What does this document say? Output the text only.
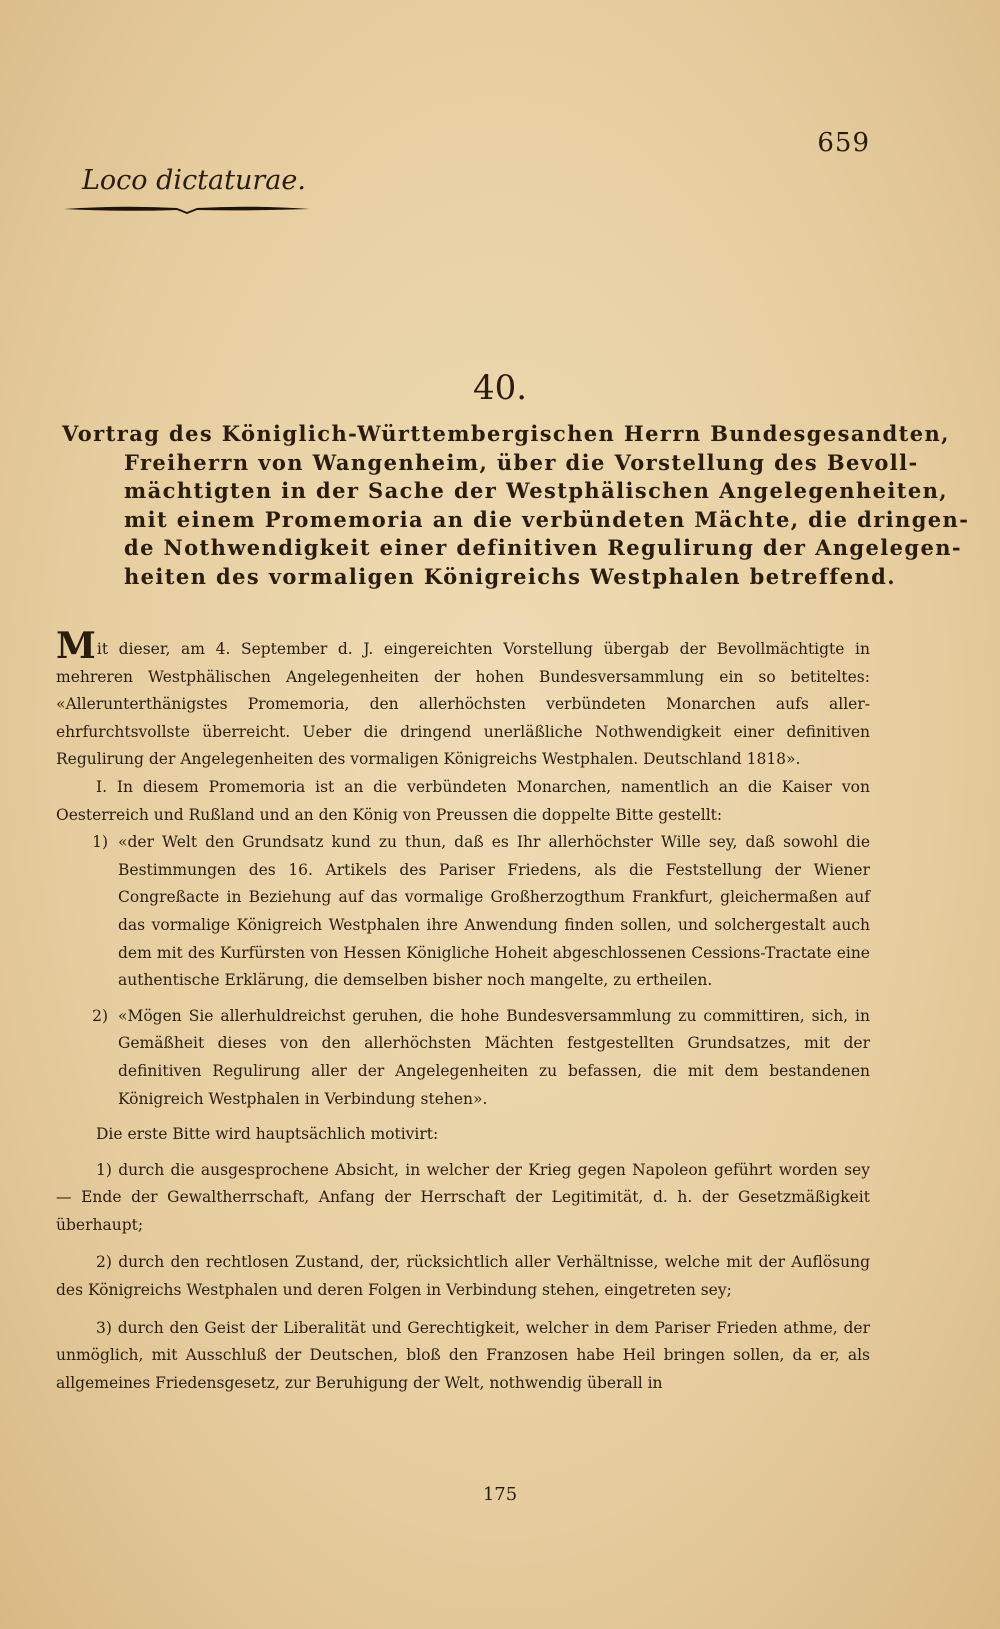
659
Loco dictaturae.
40.
Vortrag des Königlich-Württembergischen Herrn Bundesgesandten,
Freiherrn von Wangenheim, über die Vorstellung des Bevoll-
mächtigten in der Sache der Westphälischen Angelegenheiten,
mit einem Promemoria an die verbündeten Mächte, die dringen-
de Nothwendigkeit einer definitiven Regulirung der Angelegen-
heiten des vormaligen Königreichs Westphalen betreffend.

Mit dieser, am 4. September d. J. eingereichten Vorstellung übergab der Bevollmächtigte in mehreren Westphälischen Angelegenheiten der hohen Bundesversammlung ein so betiteltes: «Allerunterthänigstes Promemoria, den allerhöchsten verbündeten Monarchen aufs aller-ehrfurchtsvollste überreicht. Ueber die dringend unerläßliche Nothwendigkeit einer definitiven Regulirung der Angelegenheiten des vormaligen Königreichs Westphalen. Deutschland 1818».

I. In diesem Promemoria ist an die verbündeten Monarchen, namentlich an die Kaiser von Oesterreich und Rußland und an den König von Preussen die doppelte Bitte gestellt:

1) «der Welt den Grundsatz kund zu thun, daß es Ihr allerhöchster Wille sey, daß sowohl die Bestimmungen des 16. Artikels des Pariser Friedens, als die Feststellung der Wiener Congreßacte in Beziehung auf das vormalige Großherzogthum Frankfurt, gleichermaßen auf das vormalige Königreich Westphalen ihre Anwendung finden sollen, und solchergestalt auch dem mit des Kurfürsten von Hessen Königliche Hoheit abgeschlossenen Cessions-Tractate eine authentische Erklärung, die demselben bisher noch mangelte, zu ertheilen.
2) «Mögen Sie allerhuldreichst geruhen, die hohe Bundesversammlung zu committiren, sich, in Gemäßheit dieses von den allerhöchsten Mächten festgestellten Grundsatzes, mit der definitiven Regulirung aller der Angelegenheiten zu befassen, die mit dem bestandenen Königreich Westphalen in Verbindung stehen».

Die erste Bitte wird hauptsächlich motivirt:

1) durch die ausgesprochene Absicht, in welcher der Krieg gegen Napoleon geführt worden sey — Ende der Gewaltherrschaft, Anfang der Herrschaft der Legitimität, d. h. der Gesetzmäßigkeit überhaupt;

2) durch den rechtlosen Zustand, der, rücksichtlich aller Verhältnisse, welche mit der Auflösung des Königreichs Westphalen und deren Folgen in Verbindung stehen, eingetreten sey;

3) durch den Geist der Liberalität und Gerechtigkeit, welcher in dem Pariser Frieden athme, der unmöglich, mit Ausschluß der Deutschen, bloß den Franzosen habe Heil bringen sollen, da er, als allgemeines Friedensgesetz, zur Beruhigung der Welt, nothwendig überall in

175
